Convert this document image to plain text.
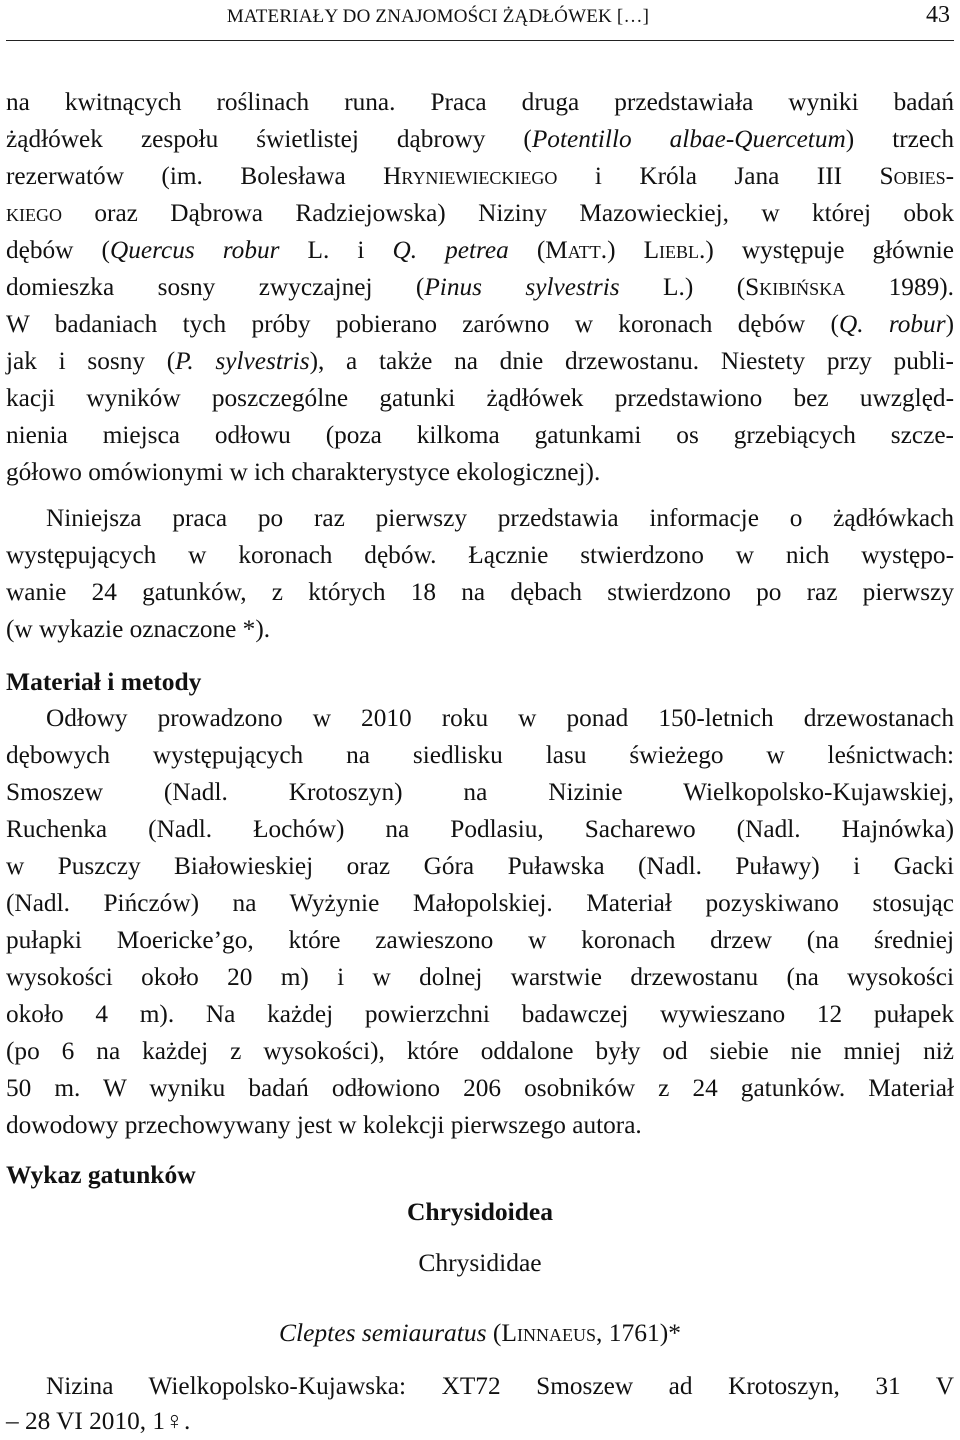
MATERIAŁY DO ZNAJOMOŚCI ŻĄDŁÓWEK […]	43
na kwitnących roślinach runa. Praca druga przedstawiała wyniki badań
żądłówek zespołu świetlistej dąbrowy (Potentillo albae-Quercetum) trzech
rezerwatów (im. Bolesława Hryniewieckiego i Króla Jana III Sobies-
kiego oraz Dąbrowa Radziejowska) Niziny Mazowieckiej, w której obok
dębów (Quercus robur L. i Q. petrea (Matt.) Liebl.) występuje głównie
domieszka sosny zwyczajnej (Pinus sylvestris L.) (Skibińska 1989).
W badaniach tych próby pobierano zarówno w koronach dębów (Q. robur)
jak i sosny (P. sylvestris), a także na dnie drzewostanu. Niestety przy publi-
kacji wyników poszczególne gatunki żądłówek przedstawiono bez uwzględ-
nienia miejsca odłowu (poza kilkoma gatunkami os grzebiących szcze-
gółowo omówionymi w ich charakterystyce ekologicznej).
Niniejsza praca po raz pierwszy przedstawia informacje o żądłówkach
występujących w koronach dębów. Łącznie stwierdzono w nich występo-
wanie 24 gatunków, z których 18 na dębach stwierdzono po raz pierwszy
(w wykazie oznaczone *).
Materiał i metody
Odłowy prowadzono w 2010 roku w ponad 150-letnich drzewostanach
dębowych występujących na siedlisku lasu świeżego w leśnictwach:
Smoszew (Nadl. Krotoszyn) na Nizinie Wielkopolsko-Kujawskiej,
Ruchenka (Nadl. Łochów) na Podlasiu, Sacharewo (Nadl. Hajnówka)
w Puszczy Białowieskiej oraz Góra Puławska (Nadl. Puławy) i Gacki
(Nadl. Pińczów) na Wyżynie Małopolskiej. Materiał pozyskiwano stosując
pułapki Moericke’go, które zawieszono w koronach drzew (na średniej
wysokości około 20 m) i w dolnej warstwie drzewostanu (na wysokości
około 4 m). Na każdej powierzchni badawczej wywieszano 12 pułapek
(po 6 na każdej z wysokości), które oddalone były od siebie nie mniej niż
50 m. W wyniku badań odłowiono 206 osobników z 24 gatunków. Materiał
dowodowy przechowywany jest w kolekcji pierwszego autora.
Wykaz gatunków
Chrysidoidea
Chrysididae
Cleptes semiauratus (Linnaeus, 1761)*
Nizina Wielkopolsko-Kujawska: XT72 Smoszew ad Krotoszyn, 31 V
– 28 VI 2010, 1♀.
